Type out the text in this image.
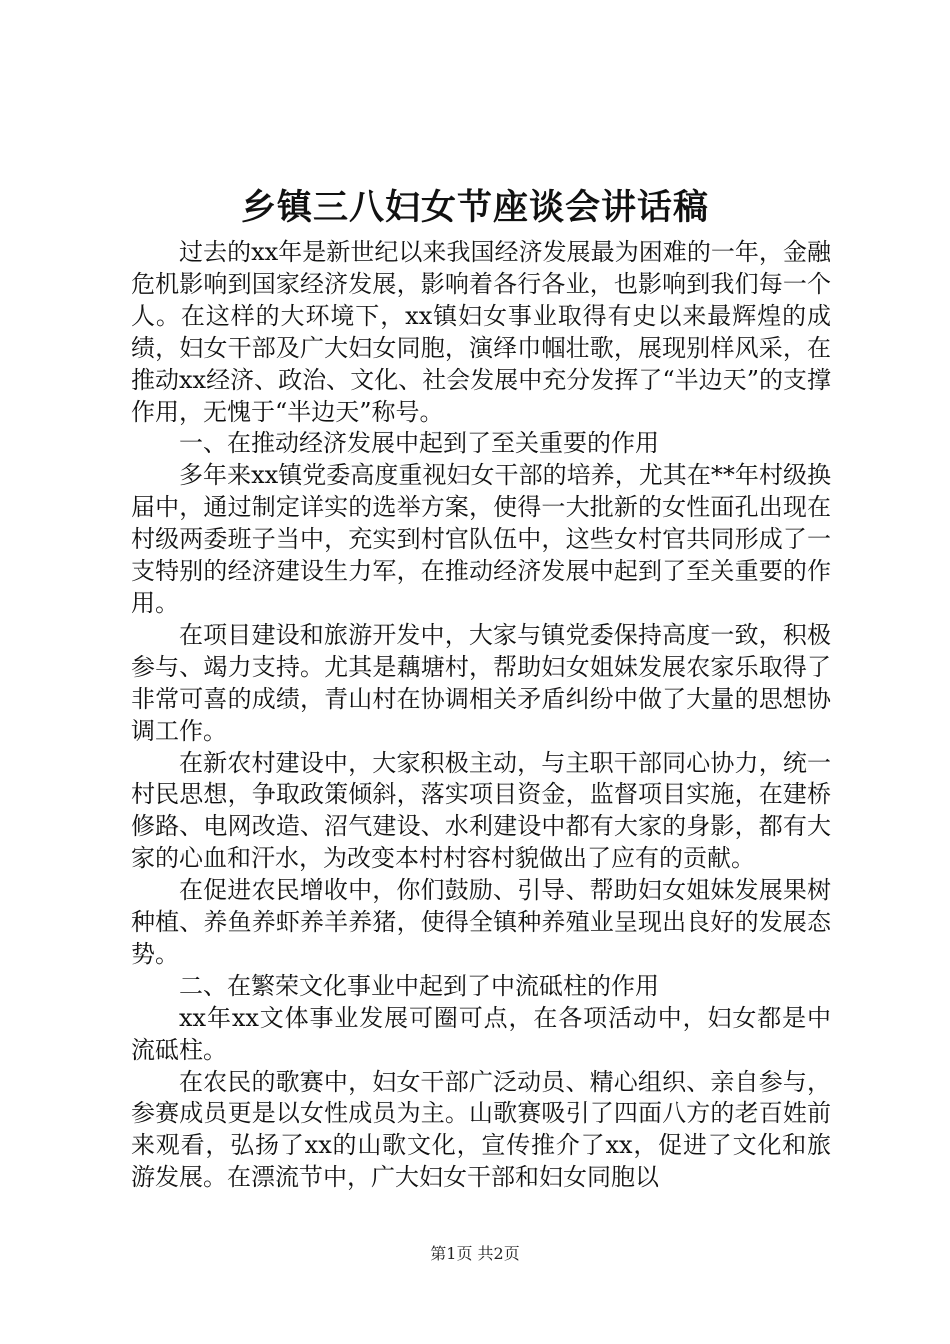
乡镇三八妇女节座谈会讲话稿

过去的xx年是新世纪以来我国经济发展最为困难的一年，金融危机影响到国家经济发展，影响着各行各业，也影响到我们每一个人。在这样的大环境下，xx镇妇女事业取得有史以来最辉煌的成绩，妇女干部及广大妇女同胞，演绎巾帼壮歌，展现别样风采，在推动xx经济、政治、文化、社会发展中充分发挥了“半边天”的支撑作用，无愧于“半边天”称号。

一、在推动经济发展中起到了至关重要的作用

多年来xx镇党委高度重视妇女干部的培养，尤其在**年村级换届中，通过制定详实的选举方案，使得一大批新的女性面孔出现在村级两委班子当中，充实到村官队伍中，这些女村官共同形成了一支特别的经济建设生力军，在推动经济发展中起到了至关重要的作用。

在项目建设和旅游开发中，大家与镇党委保持高度一致，积极参与、竭力支持。尤其是藕塘村，帮助妇女姐妹发展农家乐取得了非常可喜的成绩，青山村在协调相关矛盾纠纷中做了大量的思想协调工作。

在新农村建设中，大家积极主动，与主职干部同心协力，统一村民思想，争取政策倾斜，落实项目资金，监督项目实施，在建桥修路、电网改造、沼气建设、水利建设中都有大家的身影，都有大家的心血和汗水，为改变本村村容村貌做出了应有的贡献。

在促进农民增收中，你们鼓励、引导、帮助妇女姐妹发展果树种植、养鱼养虾养羊养猪，使得全镇种养殖业呈现出良好的发展态势。

二、在繁荣文化事业中起到了中流砥柱的作用

xx年xx文体事业发展可圈可点，在各项活动中，妇女都是中流砥柱。

在农民的歌赛中，妇女干部广泛动员、精心组织、亲自参与，参赛成员更是以女性成员为主。山歌赛吸引了四面八方的老百姓前来观看，弘扬了xx的山歌文化，宣传推介了xx，促进了文化和旅游发展。在漂流节中，广大妇女干部和妇女同胞以

第1页 共2页
